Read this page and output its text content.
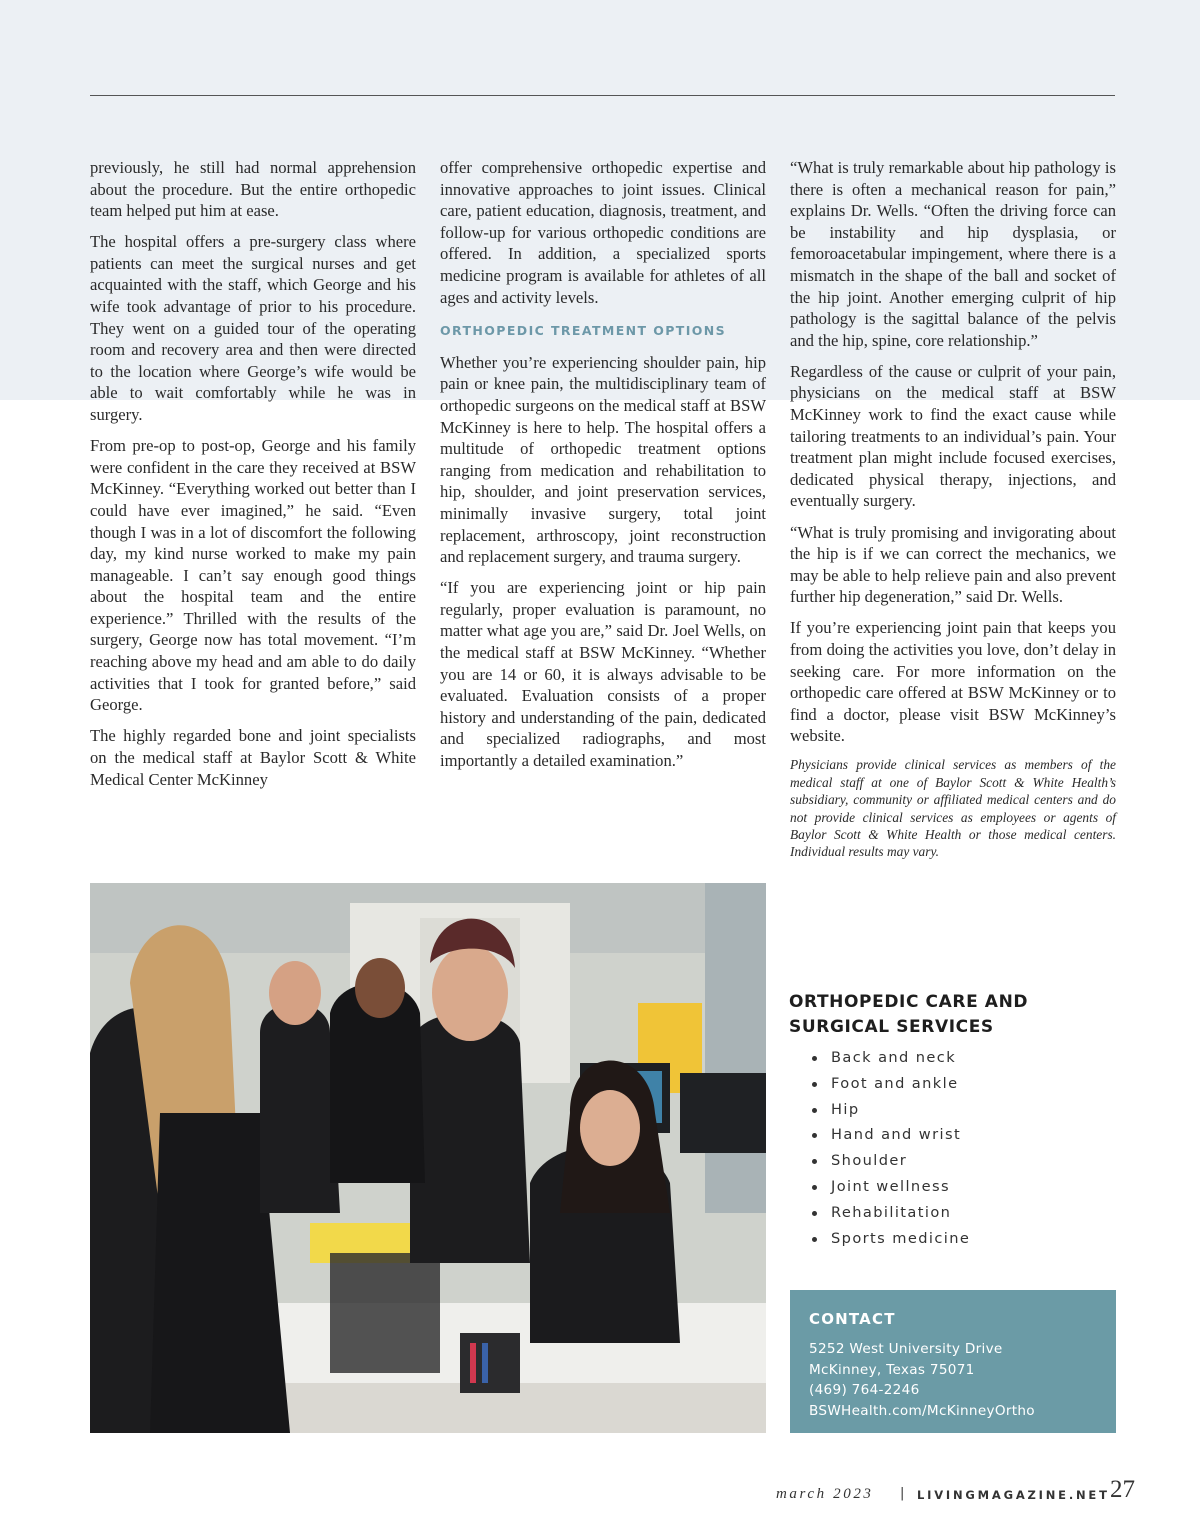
previously, he still had normal apprehension about the procedure. But the entire orthopedic team helped put him at ease.

The hospital offers a pre-surgery class where patients can meet the surgical nurses and get acquainted with the staff, which George and his wife took advantage of prior to his procedure. They went on a guided tour of the operating room and recovery area and then were directed to the location where George’s wife would be able to wait comfortably while he was in surgery.

From pre-op to post-op, George and his family were confident in the care they received at BSW McKinney. “Everything worked out better than I could have ever imagined,” he said. “Even though I was in a lot of discomfort the following day, my kind nurse worked to make my pain manageable. I can’t say enough good things about the hospital team and the entire experience.” Thrilled with the results of the surgery, George now has total movement. “I’m reaching above my head and am able to do daily activities that I took for granted before,” said George.

The highly regarded bone and joint specialists on the medical staff at Baylor Scott & White Medical Center McKinney

offer comprehensive orthopedic expertise and innovative approaches to joint issues. Clinical care, patient education, diagnosis, treatment, and follow-up for various orthopedic conditions are offered. In addition, a specialized sports medicine program is available for athletes of all ages and activity levels.

ORTHOPEDIC TREATMENT OPTIONS

Whether you’re experiencing shoulder pain, hip pain or knee pain, the multidisciplinary team of orthopedic surgeons on the medical staff at BSW McKinney is here to help. The hospital offers a multitude of orthopedic treatment options ranging from medication and rehabilitation to hip, shoulder, and joint preservation services, minimally invasive surgery, total joint replacement, arthroscopy, joint reconstruction and replacement surgery, and trauma surgery.

“If you are experiencing joint or hip pain regularly, proper evaluation is paramount, no matter what age you are,” said Dr. Joel Wells, on the medical staff at BSW McKinney. “Whether you are 14 or 60, it is always advisable to be evaluated. Evaluation consists of a proper history and understanding of the pain, dedicated and specialized radiographs, and most importantly a detailed examination.”

“What is truly remarkable about hip pathology is there is often a mechanical reason for pain,” explains Dr. Wells. “Often the driving force can be instability and hip dysplasia, or femoroacetabular impingement, where there is a mismatch in the shape of the ball and socket of the hip joint. Another emerging culprit of hip pathology is the sagittal balance of the pelvis and the hip, spine, core relationship.”

Regardless of the cause or culprit of your pain, physicians on the medical staff at BSW McKinney work to find the exact cause while tailoring treatments to an individual’s pain. Your treatment plan might include focused exercises, dedicated physical therapy, injections, and eventually surgery.

“What is truly promising and invigorating about the hip is if we can correct the mechanics, we may be able to help relieve pain and also prevent further hip degeneration,” said Dr. Wells.

If you’re experiencing joint pain that keeps you from doing the activities you love, don’t delay in seeking care. For more information on the orthopedic care offered at BSW McKinney or to find a doctor, please visit BSW McKinney’s website.

Physicians provide clinical services as members of the medical staff at one of Baylor Scott & White Health’s subsidiary, community or affiliated medical centers and do not provide clinical services as employees or agents of Baylor Scott & White Health or those medical centers. Individual results may vary.
ORTHOPEDIC CARE AND
SURGICAL SERVICES
Back and neck
Foot and ankle
Hip
Hand and wrist
Shoulder
Joint wellness
Rehabilitation
Sports medicine
CONTACT
5252 West University Drive
McKinney, Texas 75071
(469) 764-2246
BSWHealth.com/McKinneyOrtho
march 2023 | LIVINGMAGAZINE.NET 27
